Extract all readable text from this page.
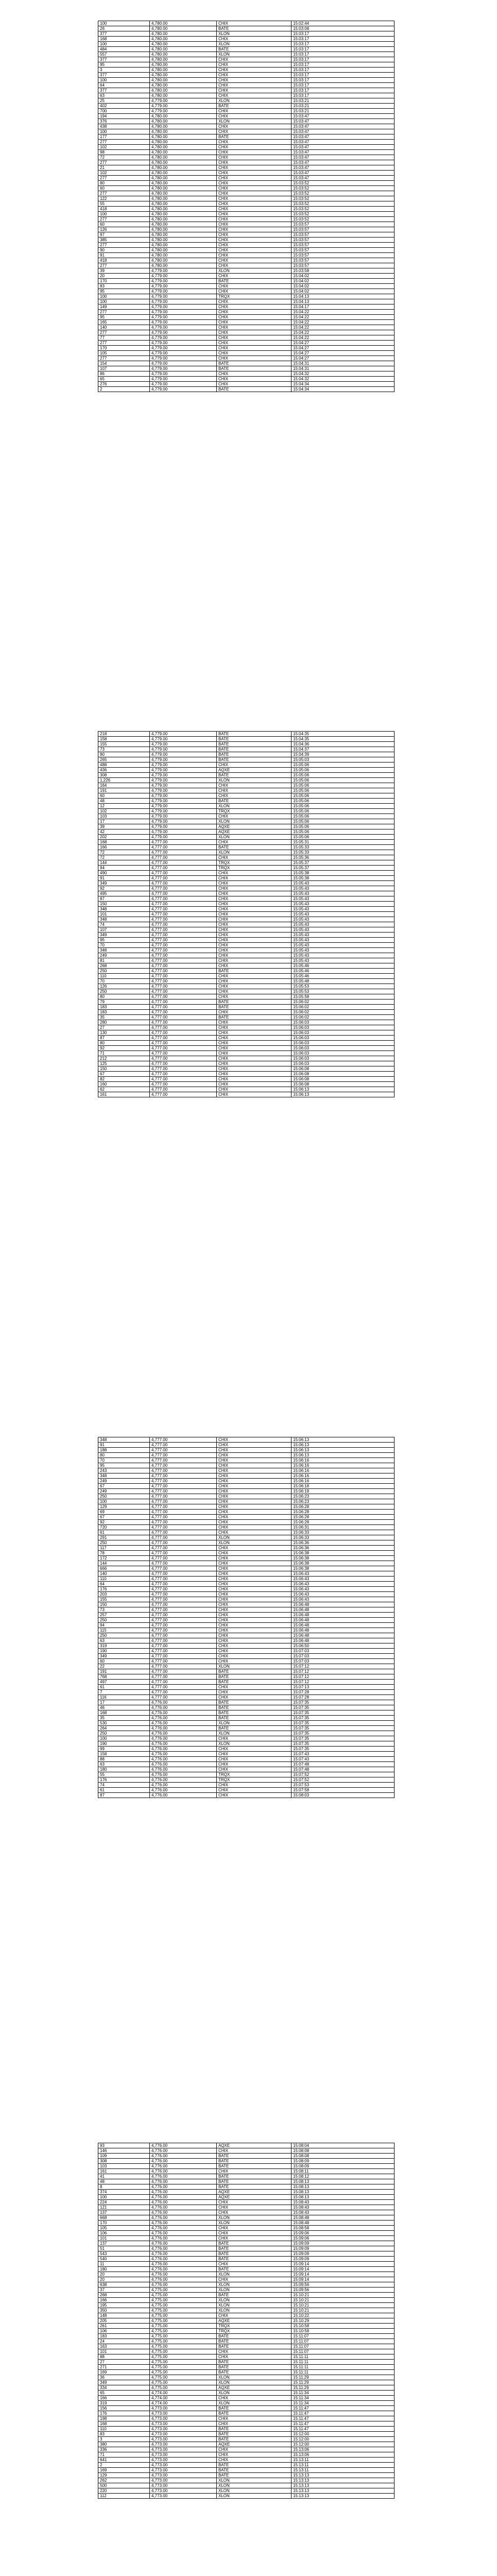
100	4,780.00	CHIX	15:02:44
26	4,780.00	BATE	15:03:08
377	4,780.00	XLON	15:03:17
168	4,780.00	CHIX	15:03:17
100	4,780.00	XLON	15:03:17
484	4,780.00	BATE	15:03:17
557	4,780.00	XLON	15:03:17
377	4,780.00	CHIX	15:03:17
95	4,780.00	CHIX	15:03:17
3	4,780.00	CHIX	15:03:17
377	4,780.00	CHIX	15:03:17
100	4,780.00	CHIX	15:03:17
64	4,780.00	CHIX	15:03:17
377	4,780.00	CHIX	15:03:17
63	4,780.00	CHIX	15:03:17
25	4,779.00	XLON	15:03:21
402	4,779.00	BATE	15:03:21
700	4,779.00	CHIX	15:03:21
194	4,780.00	CHIX	15:03:47
376	4,780.00	XLON	15:03:47
438	4,780.00	CHIX	15:03:47
100	4,780.00	CHIX	15:03:47
177	4,780.00	BATE	15:03:47
277	4,780.00	CHIX	15:03:47
102	4,780.00	CHIX	15:03:47
98	4,780.00	CHIX	15:03:47
72	4,780.00	CHIX	15:03:47
277	4,780.00	CHIX	15:03:47
21	4,780.00	CHIX	15:03:47
102	4,780.00	CHIX	15:03:47
277	4,780.00	CHIX	15:03:47
80	4,780.00	CHIX	15:03:52
60	4,780.00	CHIX	15:03:52
277	4,780.00	CHIX	15:03:52
122	4,780.00	CHIX	15:03:52
55	4,780.00	CHIX	15:03:52
418	4,780.00	CHIX	15:03:52
100	4,780.00	CHIX	15:03:52
277	4,780.00	CHIX	15:03:52
60	4,780.00	CHIX	15:03:57
126	4,780.00	CHIX	15:03:57
97	4,780.00	CHIX	15:03:57
385	4,780.00	CHIX	15:03:57
277	4,780.00	CHIX	15:03:57
90	4,780.00	CHIX	15:03:57
91	4,780.00	CHIX	15:03:57
418	4,780.00	CHIX	15:03:57
277	4,780.00	CHIX	15:03:57
39	4,779.00	XLON	15:03:58
20	4,779.00	CHIX	15:04:02
170	4,779.00	BATE	15:04:02
83	4,779.00	CHIX	15:04:02
95	4,779.00	CHIX	15:04:02
100	4,779.00	TRQX	15:04:13
100	4,779.00	CHIX	15:04:13
149	4,779.00	CHIX	15:04:17
277	4,779.00	CHIX	15:04:22
95	4,779.00	CHIX	15:04:22
165	4,779.00	CHIX	15:04:22
140	4,779.00	CHIX	15:04:22
277	4,779.00	CHIX	15:04:22
77	4,779.00	CHIX	15:04:22
277	4,779.00	CHIX	15:04:27
170	4,779.00	CHIX	15:04:27
105	4,779.00	CHIX	15:04:27
277	4,779.00	CHIX	15:04:27
154	4,779.00	BATE	15:04:31
107	4,779.00	BATE	15:04:31
86	4,779.00	CHIX	15:04:32
65	4,779.00	CHIX	15:04:32
276	4,779.00	CHIX	15:04:34
2	4,779.00	BATE	15:04:34
218	4,779.00	BATE	15:04:35
158	4,779.00	BATE	15:04:35
155	4,779.00	BATE	15:04:36
73	4,779.00	BATE	15:04:37
80	4,779.00	BATE	15:04:39
265	4,779.00	BATE	15:05:03
488	4,779.00	CHIX	15:05:06
436	4,779.00	AQXE	15:05:06
308	4,779.00	BATE	15:05:06
1,226	4,779.00	XLON	15:05:06
164	4,779.00	CHIX	15:05:06
191	4,779.00	CHIX	15:05:06
60	4,779.00	CHIX	15:05:06
48	4,779.00	BATE	15:05:06
12	4,779.00	XLON	15:05:06
102	4,779.00	TRQX	15:05:06
103	4,779.00	CHIX	15:05:06
17	4,779.00	XLON	15:05:06
39	4,779.00	AQXE	15:05:06
42	4,779.00	AQXE	15:05:06
202	4,779.00	XLON	15:05:06
168	4,777.00	CHIX	15:05:31
166	4,777.00	BATE	15:05:33
72	4,777.00	XLON	15:05:33
72	4,777.00	CHIX	15:05:36
144	4,777.00	TRQX	15:05:37
94	4,777.00	TRQX	15:05:37
490	4,777.00	CHIX	15:05:38
91	4,777.00	CHIX	15:05:38
349	4,777.00	CHIX	15:05:43
92	4,777.00	CHIX	15:05:43
495	4,777.00	CHIX	15:05:43
87	4,777.00	CHIX	15:05:43
150	4,777.00	CHIX	15:05:43
348	4,777.00	CHIX	15:05:43
101	4,777.00	CHIX	15:05:43
348	4,777.00	CHIX	15:05:43
74	4,777.00	CHIX	15:05:43
107	4,777.00	CHIX	15:05:43
349	4,777.00	CHIX	15:05:43
95	4,777.00	CHIX	15:05:43
70	4,777.00	CHIX	15:05:43
348	4,777.00	CHIX	15:05:43
249	4,777.00	CHIX	15:05:43
81	4,777.00	CHIX	15:05:43
268	4,777.00	CHIX	15:05:46
250	4,777.00	BATE	15:05:46
110	4,777.00	CHIX	15:05:46
70	4,777.00	CHIX	15:05:48
126	4,777.00	CHIX	15:05:53
250	4,777.00	CHIX	15:05:53
80	4,777.00	CHIX	15:05:58
79	4,777.00	BATE	15:06:02
183	4,777.00	BATE	15:06:02
183	4,777.00	CHIX	15:06:02
35	4,777.00	BATE	15:06:02
280	4,777.00	CHIX	15:06:03
27	4,777.00	CHIX	15:06:03
130	4,777.00	CHIX	15:06:03
87	4,777.00	CHIX	15:06:03
80	4,777.00	CHIX	15:06:03
92	4,777.00	CHIX	15:06:03
71	4,777.00	CHIX	15:06:03
212	4,777.00	CHIX	15:06:03
125	4,777.00	CHIX	15:06:03
150	4,777.00	CHIX	15:06:08
67	4,777.00	CHIX	15:06:08
82	4,777.00	CHIX	15:06:08
160	4,777.00	CHIX	15:06:08
62	4,777.00	CHIX	15:06:13
161	4,777.00	CHIX	15:06:13
348	4,777.00	CHIX	15:06:13
91	4,777.00	CHIX	15:06:13
188	4,777.00	CHIX	15:06:13
80	4,777.00	CHIX	15:06:13
70	4,777.00	CHIX	15:06:16
95	4,777.00	CHIX	15:06:16
243	4,777.00	CHIX	15:06:16
348	4,777.00	CHIX	15:06:16
249	4,777.00	CHIX	15:06:16
67	4,777.00	CHIX	15:06:18
249	4,777.00	CHIX	15:06:18
250	4,777.00	CHIX	15:06:23
100	4,777.00	CHIX	15:06:23
129	4,777.00	CHIX	15:06:28
69	4,777.00	CHIX	15:06:28
67	4,777.00	CHIX	15:06:28
92	4,777.00	CHIX	15:06:28
720	4,777.00	CHIX	15:06:31
61	4,777.00	CHIX	15:06:33
291	4,777.00	XLON	15:06:33
250	4,777.00	XLON	15:06:36
117	4,777.00	CHIX	15:06:36
78	4,777.00	CHIX	15:06:38
172	4,777.00	CHIX	15:06:38
144	4,777.00	CHIX	15:06:38
666	4,777.00	CHIX	15:06:38
140	4,777.00	CHIX	15:06:43
110	4,777.00	CHIX	15:06:43
64	4,777.00	CHIX	15:06:43
176	4,777.00	CHIX	15:06:43
203	4,777.00	CHIX	15:06:43
155	4,777.00	CHIX	15:06:43
150	4,777.00	CHIX	15:06:48
73	4,777.00	CHIX	15:06:48
257	4,777.00	CHIX	15:06:48
250	4,777.00	CHIX	15:06:48
94	4,777.00	CHIX	15:06:48
115	4,777.00	CHIX	15:06:48
250	4,777.00	CHIX	15:06:48
63	4,777.00	CHIX	15:06:48
319	4,777.00	CHIX	15:06:50
190	4,777.00	CHIX	15:07:03
349	4,777.00	CHIX	15:07:03
60	4,777.00	CHIX	15:07:03
22	4,777.00	XLON	15:07:12
191	4,777.00	BATE	15:07:12
768	4,777.00	BATE	15:07:12
497	4,777.00	BATE	15:07:12
61	4,777.00	CHIX	15:07:13
7	4,777.00	CHIX	15:07:28
116	4,777.00	CHIX	15:07:28
17	4,776.00	BATE	15:07:35
46	4,776.00	BATE	15:07:35
168	4,776.00	BATE	15:07:35
35	4,776.00	BATE	15:07:35
530	4,776.00	XLON	15:07:35
264	4,776.00	BATE	15:07:35
250	4,776.00	XLON	15:07:35
100	4,776.00	CHIX	15:07:35
190	4,776.00	XLON	15:07:35
99	4,776.00	CHIX	15:07:35
158	4,776.00	CHIX	15:07:43
88	4,776.00	CHIX	15:07:43
63	4,776.00	CHIX	15:07:48
180	4,776.00	CHIX	15:07:48
55	4,776.00	TRQX	15:07:52
176	4,776.00	TRQX	15:07:52
74	4,776.00	CHIX	15:07:53
61	4,776.00	CHIX	15:07:58
87	4,776.00	CHIX	15:08:03
93	4,776.00	AQXE	15:08:04
146	4,776.00	CHIX	15:08:08
109	4,776.00	BATE	15:08:08
308	4,776.00	BATE	15:08:09
103	4,776.00	BATE	15:08:09
161	4,776.00	CHIX	15:08:11
41	4,776.00	BATE	15:08:12
48	4,776.00	BATE	15:08:13
8	4,776.00	BATE	15:08:13
374	4,776.00	AQXE	15:08:13
100	4,776.00	AQXE	15:08:13
224	4,776.00	CHIX	15:08:43
121	4,776.00	CHIX	15:08:43
137	4,776.00	CHIX	15:08:43
668	4,776.00	XLON	15:08:48
170	4,776.00	XLON	15:08:48
105	4,776.00	CHIX	15:08:58
106	4,776.00	CHIX	15:09:06
101	4,776.00	CHIX	15:09:06
137	4,776.00	BATE	15:09:09
51	4,776.00	BATE	15:09:09
543	4,776.00	BATE	15:09:09
540	4,776.00	BATE	15:09:09
11	4,776.00	CHIX	15:09:14
180	4,776.00	BATE	15:09:14
20	4,776.00	XLON	15:09:14
20	4,776.00	CHIX	15:09:14
638	4,776.00	XLON	15:09:56
37	4,775.00	XLON	15:09:56
268	4,775.00	BATE	15:10:21
166	4,775.00	XLON	15:10:21
195	4,775.00	XLON	15:10:21
350	4,775.00	XLON	15:10:21
148	4,775.00	CHIX	15:10:22
205	4,775.00	AQXE	15:10:29
261	4,775.00	TRQX	15:10:58
106	4,775.00	TRQX	15:10:58
183	4,775.00	BATE	15:11:07
24	4,775.00	BATE	15:11:07
163	4,775.00	BATE	15:11:07
101	4,775.00	CHIX	15:11:07
88	4,775.00	CHIX	15:11:11
27	4,775.00	BATE	15:11:11
271	4,775.00	BATE	15:11:11
169	4,775.00	BATE	15:11:11
36	4,775.00	XLON	15:11:29
349	4,775.00	XLON	15:11:29
334	4,775.00	AQXE	15:11:29
65	4,774.00	XLON	15:11:34
166	4,774.00	CHIX	15:11:34
319	4,774.00	XLON	15:11:34
156	4,773.00	BATE	15:11:47
176	4,773.00	BATE	15:11:47
198	4,773.00	CHIX	15:11:47
168	4,773.00	CHIX	15:11:47
110	4,773.00	BATE	15:11:47
83	4,773.00	BATE	15:12:00
3	4,773.00	BATE	15:12:00
380	4,773.00	AQXE	15:12:00
336	4,773.00	CHIX	15:13:06
71	4,773.00	CHIX	15:13:06
641	4,773.00	CHIX	15:13:11
2	4,773.00	BATE	15:13:11
169	4,773.00	BATE	15:13:11
129	4,773.00	BATE	15:13:13
262	4,773.00	XLON	15:13:13
500	4,773.00	XLON	15:13:13
220	4,773.00	XLON	15:13:13
112	4,773.00	XLON	15:13:13
